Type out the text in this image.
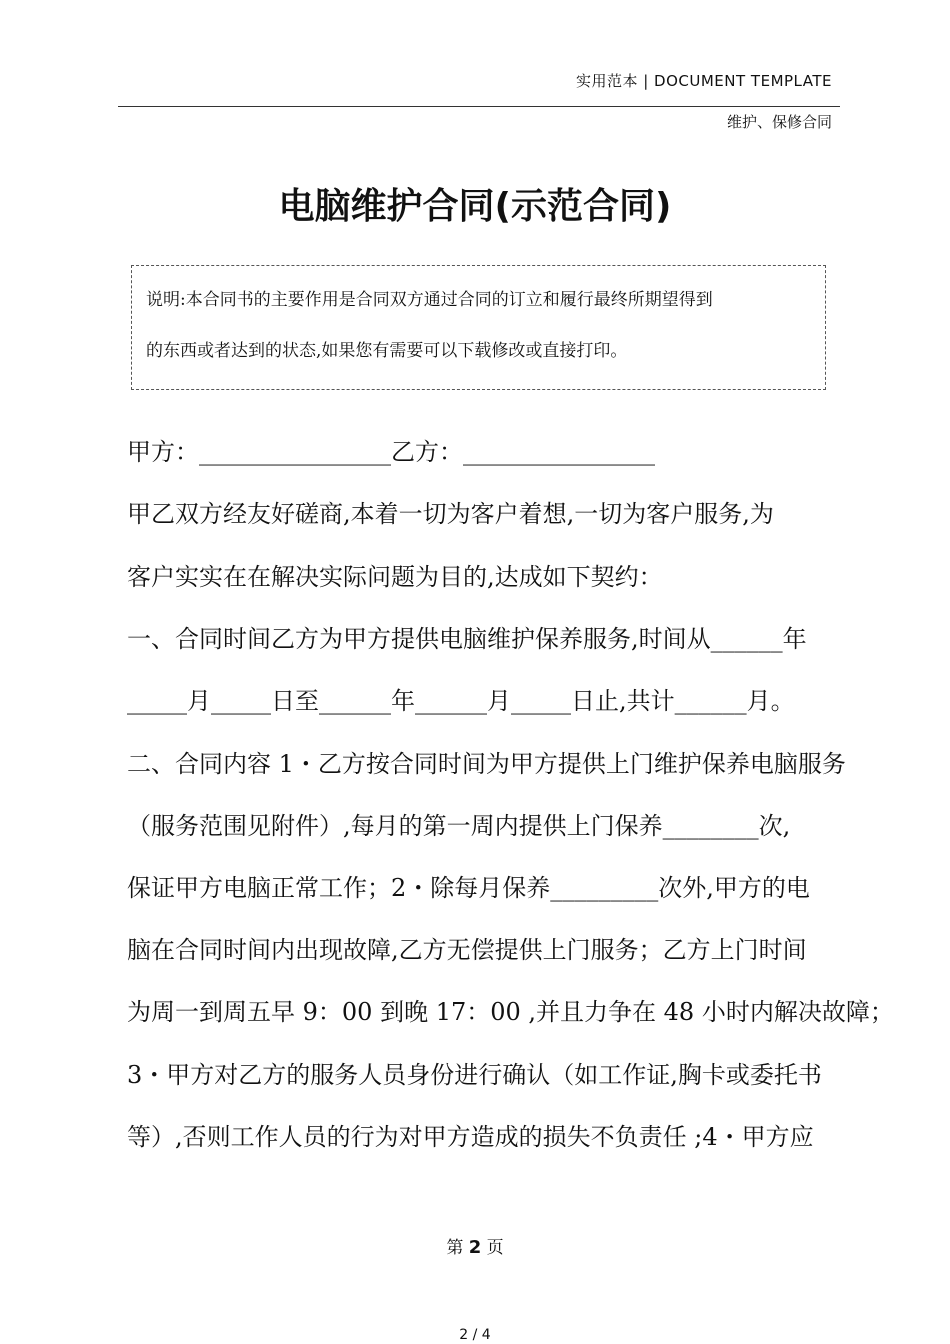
实用范本 | DOCUMENT TEMPLATE
维护、保修合同
电脑维护合同(示范合同)
说明:本合同书的主要作用是合同双方通过合同的订立和履行最终所期望得到
的东西或者达到的状态,如果您有需要可以下载修改或直接打印。
甲方：________________乙方：________________
甲乙双方经友好磋商,本着一切为客户着想,一切为客户服务,为
客户实实在在解决实际问题为目的,达成如下契约：
一、合同时间乙方为甲方提供电脑维护保养服务,时间从______年
_____月_____日至______年______月_____日止,共计______月。
二、合同内容 1・乙方按合同时间为甲方提供上门维护保养电脑服务
（服务范围见附件）,每月的第一周内提供上门保养________次,
保证甲方电脑正常工作；2・除每月保养_________次外,甲方的电
脑在合同时间内出现故障,乙方无偿提供上门服务；乙方上门时间
为周一到周五早 9：00 到晚 17：00 ,并且力争在 48 小时内解决故障；
3・甲方对乙方的服务人员身份进行确认（如工作证,胸卡或委托书
等）,否则工作人员的行为对甲方造成的损失不负责任 ;4・甲方应
第 2 页
2 / 4
